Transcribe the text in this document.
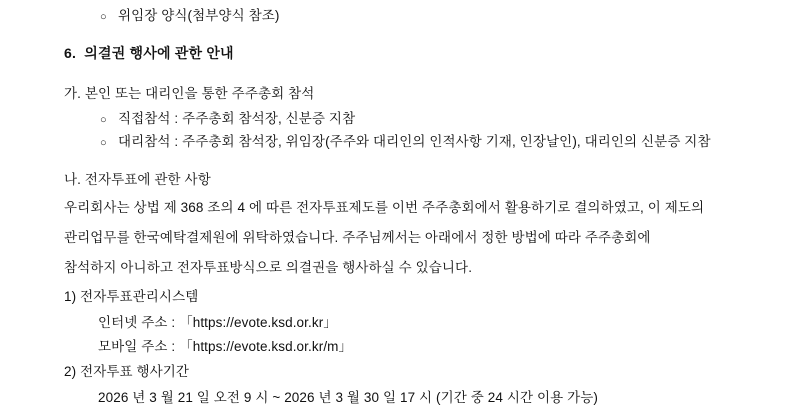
○ 위임장 양식(첨부양식 참조)
6. 의결권 행사에 관한 안내
가. 본인 또는 대리인을 통한 주주총회 참석
○ 직접참석 : 주주총회 참석장, 신분증 지참
○ 대리참석 : 주주총회 참석장, 위임장(주주와 대리인의 인적사항 기재, 인장날인), 대리인의 신분증 지참
나. 전자투표에 관한 사항
우리회사는 상법 제 368 조의 4 에 따른 전자투표제도를 이번 주주총회에서 활용하기로 결의하였고, 이 제도의
관리업무를 한국예탁결제원에 위탁하였습니다. 주주님께서는 아래에서 정한 방법에 따라 주주총회에
참석하지 아니하고 전자투표방식으로 의결권을 행사하실 수 있습니다.
1) 전자투표관리시스템
인터넷 주소 : 「https://evote.ksd.or.kr」
모바일 주소 : 「https://evote.ksd.or.kr/m」
2) 전자투표 행사기간
2026 년 3 월 21 일 오전 9 시 ~ 2026 년 3 월 30 일 17 시 (기간 중 24 시간 이용 가능)
